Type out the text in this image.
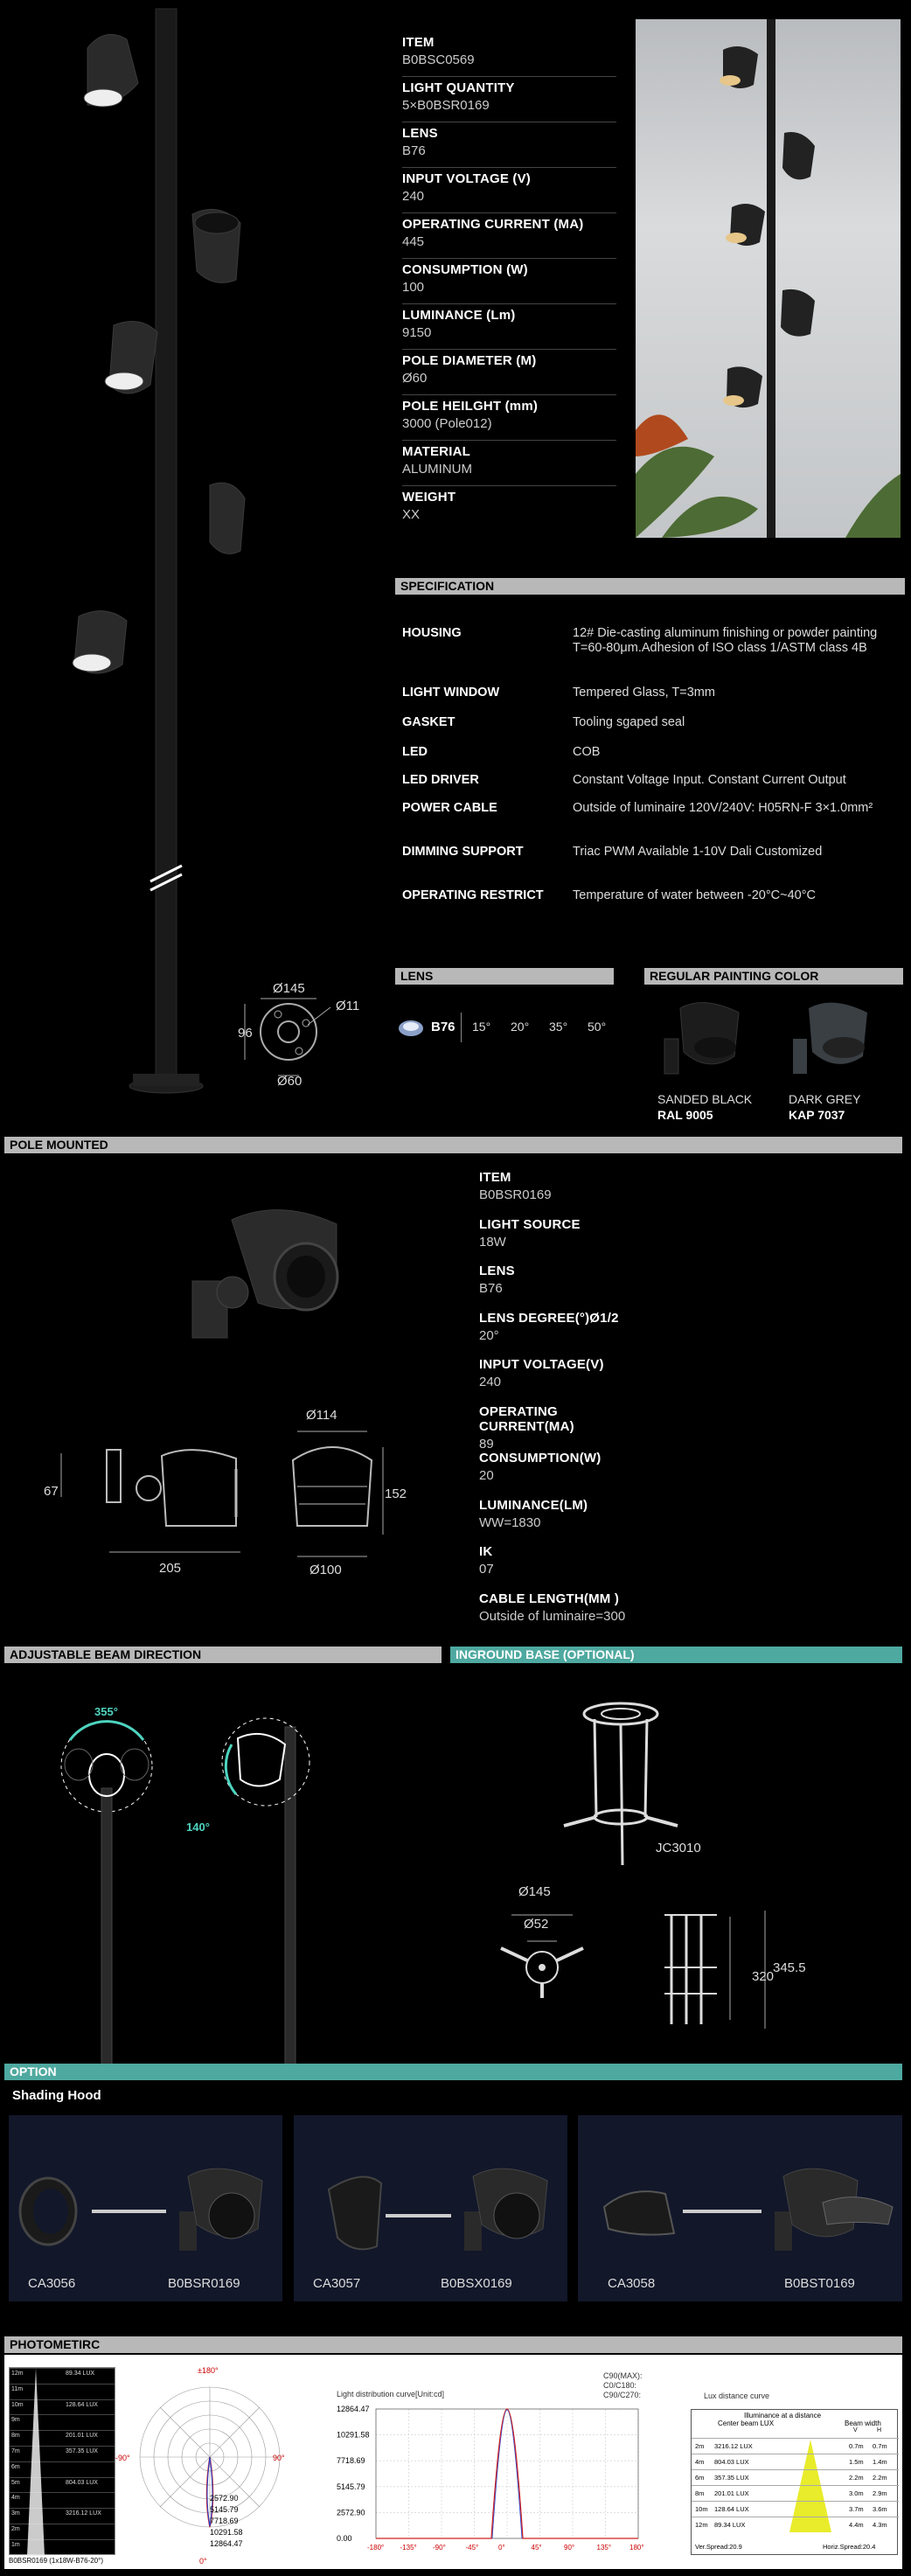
Ø145
Ø11
96
Ø60
ITEM
B0BSC0569
LIGHT QUANTITY
5×B0BSR0169
LENS
B76
INPUT VOLTAGE (V)
240
OPERATING CURRENT (MA)
445
CONSUMPTION (W)
100
LUMINANCE (Lm)
9150
POLE DIAMETER (M)
Ø60
POLE HEILGHT (mm)
3000 (Pole012)
MATERIAL
ALUMINUM
WEIGHT
XX
SPECIFICATION
HOUSING	12# Die-casting aluminum finishing or powder painting T=60-80μm.Adhesion of ISO class 1/ASTM class 4B
LIGHT WINDOW	Tempered Glass, T=3mm
GASKET	Tooling sgaped seal
LED	COB
LED DRIVER	Constant Voltage Input. Constant Current Output
POWER CABLE	Outside of luminaire 120V/240V: H05RN-F 3×1.0mm²
DIMMING SUPPORT	Triac PWM Available 1-10V Dali Customized
OPERATING RESTRICT Temperature of water between -20°C~40°C
LENS	REGULAR PAINTING COLOR
B76 15° 20° 35° 50°
SANDED BLACK
RAL 9005
DARK GREY
KAP 7037
POLE MOUNTED
67
205
Ø114
152
Ø100
ITEM
B0BSR0169
LIGHT SOURCE
18W
LENS
B76
LENS DEGREE(°)Ø1/2
20°
INPUT VOLTAGE(V)
240
OPERATING CURRENT(MA)
89
CONSUMPTION(W)
20
LUMINANCE(LM)
WW=1830
IK
07
CABLE LENGTH(MM )
Outside of luminaire=300
ADJUSTABLE BEAM DIRECTION	INGROUND BASE (OPTIONAL)
355°
140°
JC3010
Ø145
Ø52
320
345.5
OPTION
Shading Hood
CA3056	B0BSR0169	CA3057	B0BSX0169	CA3058	B0BST0169
PHOTOMETIRC
12m	89.34 LUX
11m
10m	128.64 LUX
9m
8m	201.01 LUX
7m	357.35 LUX
6m
5m	804.03 LUX
4m
3m	3216.12 LUX
2m
1m
B0BSR0169 (1x18W-B76-20°)
±180°
-90°	90°
0°
2572.90
5145.79
7718.69
10291.58
12864.47
Light distribution curve[Unit:cd]
C90(MAX):
C0/C180:
C90/C270:
12864.47
10291.58
7718.69
5145.79
2572.90
0.00
-180° -135° -90°	-45°	0°	45°	90°	135°	180°
Lux distance curve
Illuminance at a distance
Center beam LUX	Beam width
V	H
2m 3216.12 LUX	0.7m 0.7m
4m 804.03 LUX	1.5m 1.4m
6m 357.35 LUX	2.2m 2.2m
8m 201.01 LUX	3.0m 2.9m
10m 128.64 LUX	3.7m 3.6m
12m 89.34 LUX	4.4m 4.3m
Ver.Spread:20.9	Horiz.Spread:20.4
